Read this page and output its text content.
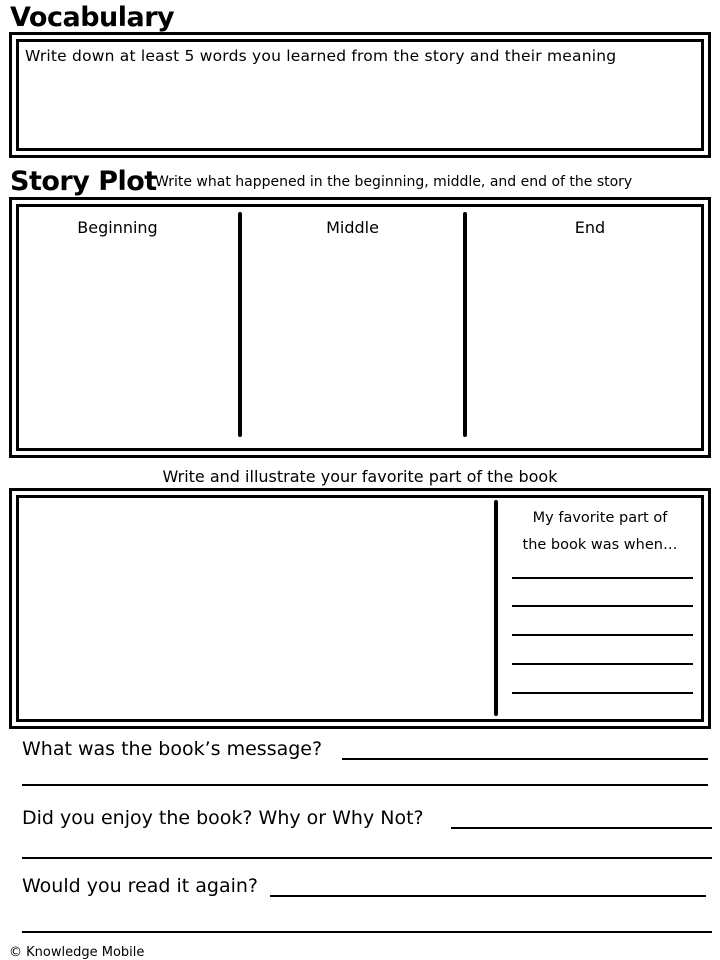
Vocabulary
Write down at least 5 words you learned from the story and their meaning
Story Plot
Write what happened in the beginning, middle, and end of the story
Beginning	Middle	End
Write and illustrate your favorite part of the book
My favorite part of
the book was when…
What was the book’s message?
Did you enjoy the book? Why or Why Not?
Would you read it again?
© Knowledge Mobile
